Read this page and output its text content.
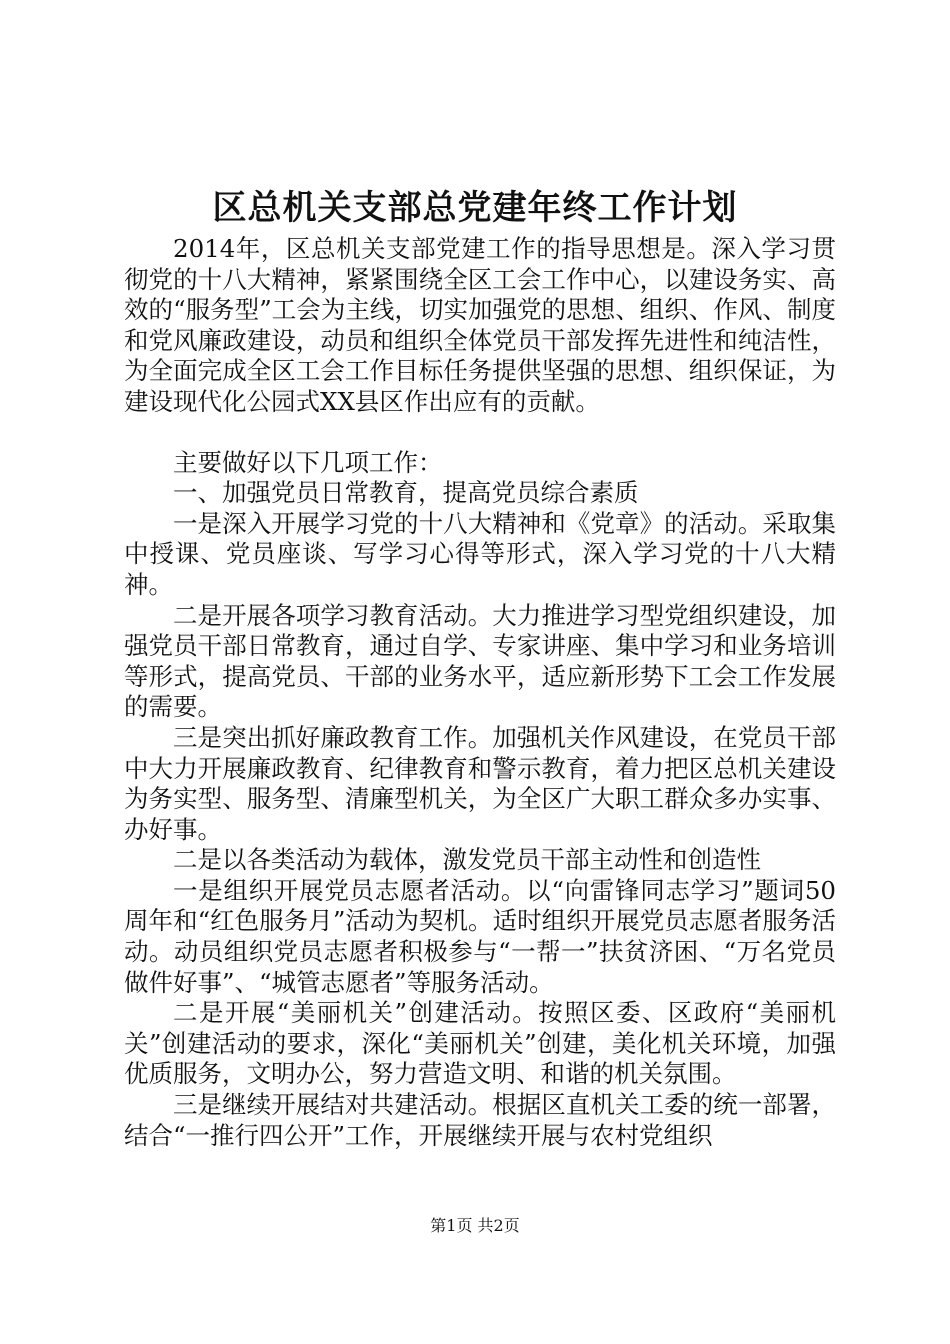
区总机关支部总党建年终工作计划

2014年，区总机关支部党建工作的指导思想是。深入学习贯彻党的十八大精神，紧紧围绕全区工会工作中心，以建设务实、高效的“服务型”工会为主线，切实加强党的思想、组织、作风、制度和党风廉政建设，动员和组织全体党员干部发挥先进性和纯洁性，为全面完成全区工会工作目标任务提供坚强的思想、组织保证，为建设现代化公园式XX县区作出应有的贡献。

主要做好以下几项工作：

一、加强党员日常教育，提高党员综合素质

一是深入开展学习党的十八大精神和《党章》的活动。采取集中授课、党员座谈、写学习心得等形式，深入学习党的十八大精神。

二是开展各项学习教育活动。大力推进学习型党组织建设，加强党员干部日常教育，通过自学、专家讲座、集中学习和业务培训等形式，提高党员、干部的业务水平，适应新形势下工会工作发展的需要。

三是突出抓好廉政教育工作。加强机关作风建设，在党员干部中大力开展廉政教育、纪律教育和警示教育，着力把区总机关建设为务实型、服务型、清廉型机关，为全区广大职工群众多办实事、办好事。

二是以各类活动为载体，激发党员干部主动性和创造性

一是组织开展党员志愿者活动。以“向雷锋同志学习”题词50周年和“红色服务月”活动为契机。适时组织开展党员志愿者服务活动。动员组织党员志愿者积极参与“一帮一”扶贫济困、“万名党员做件好事”、“城管志愿者”等服务活动。

二是开展“美丽机关”创建活动。按照区委、区政府“美丽机关”创建活动的要求，深化“美丽机关”创建，美化机关环境，加强优质服务，文明办公，努力营造文明、和谐的机关氛围。

三是继续开展结对共建活动。根据区直机关工委的统一部署，结合“一推行四公开”工作，开展继续开展与农村党组织

第1页 共2页
